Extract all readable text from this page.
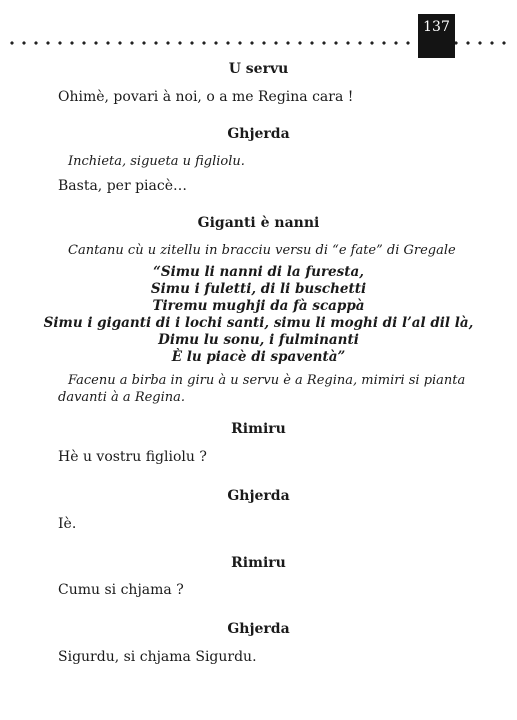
137
U servu
Ohimè, povari à noi, o a me Regina cara !
Ghjerda
Inchieta, sigueta u figliolu.
Basta, per piacè…
Giganti è nanni
Cantanu cù u zitellu in bracciu versu di “e fate” di Gregale
“Simu li nanni di la furesta,
Simu i fuletti, di li buschetti
Tiremu mughji da fà scappà
Simu i giganti di i lochi santi, simu li moghi di l’al dil là,
Dimu lu sonu, i fulminanti
È lu piacè di spaventà”
Facenu a birba in giru à u servu è a Regina, mimiri si pianta davanti à a Regina.
Rimiru
Hè u vostru figliolu ?
Ghjerda
Iè.
Rimiru
Cumu si chjama ?
Ghjerda
Sigurdu, si chjama Sigurdu.
